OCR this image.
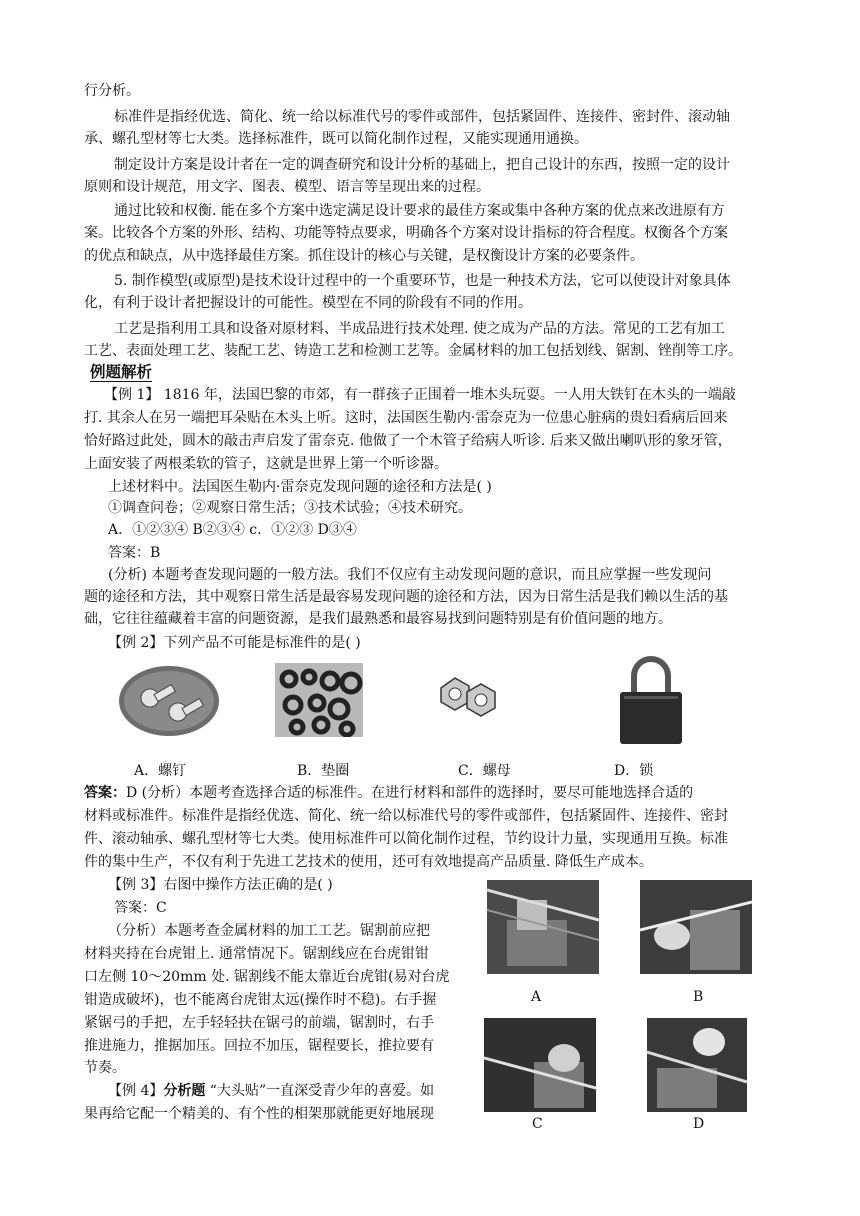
行分析。
标准件是指经优选、简化、统一给以标准代号的零件或部件，包括紧固件、连接件、密封件、滚动轴
承、螺孔型材等七大类。选择标准件，既可以简化制作过程，又能实现通用通换。
制定设计方案是设计者在一定的调查研究和设计分析的基础上，把自己设计的东西，按照一定的设计
原则和设计规范，用文字、图表、模型、语言等呈现出来的过程。
通过比较和权衡. 能在多个方案中选定满足设计要求的最佳方案或集中各种方案的优点来改进原有方
案。比较各个方案的外形、结构、功能等特点要求，明确各个方案对设计指标的符合程度。权衡各个方案
的优点和缺点，从中选择最佳方案。抓住设计的核心与关键，是权衡设计方案的必要条件。
5. 制作模型(或原型)是技术设计过程中的一个重要环节，也是一种技术方法，它可以使设计对象具体
化，有利于设计者把握设计的可能性。模型在不同的阶段有不同的作用。
工艺是指利用工具和设备对原材料、半成品进行技术处理. 使之成为产品的方法。常见的工艺有加工
工艺、表面处理工艺、装配工艺、铸造工艺和检测工艺等。金属材料的加工包括划线、锯割、锉削等工序。
例题解析
【例 1】 1816 年，法国巴黎的市郊，有一群孩子正围着一堆木头玩耍。一人用大铁钉在木头的一端敲
打. 其余人在另一端把耳朵贴在木头上听。这时，法国医生勒内·雷奈克为一位患心脏病的贵妇看病后回来
恰好路过此处，圆木的敲击声启发了雷奈克. 他做了一个木管子给病人听诊. 后来又做出喇叭形的象牙管，
上面安装了两根柔软的管子，这就是世界上第一个听诊器。
上述材料中。法国医生勒内·雷奈克发现问题的途径和方法是( )
①调查问卷；②观察日常生活；③技术试验；④技术研究。
A．①②③④ B②③④ c．①②③ D③④
答案：B
(分析) 本题考查发现问题的一般方法。我们不仅应有主动发现问题的意识，而且应掌握一些发现问
题的途径和方法，其中观察日常生活是最容易发现问题的途径和方法，因为日常生活是我们赖以生活的基
础，它往往蕴藏着丰富的问题资源，是我们最熟悉和最容易找到问题特别是有价值问题的地方。
【例 2】下列产品不可能是标准件的是( )
A．螺钉	B．垫圈	C．螺母	D．锁
答案：D (分析）本题考查选择合适的标准件。在进行材料和部件的选择时，要尽可能地选择合适的
材料或标准件。标准件是指经优选、简化、统一给以标准代号的零件或部件，包括紧固件、连接件、密封
件、滚动轴承、螺孔型材等七大类。使用标准件可以简化制作过程，节约设计力量，实现通用互换。标准
件的集中生产，不仅有利于先进工艺技术的使用，还可有效地提高产品质量. 降低生产成本。
【例 3】右图中操作方法正确的是( )
答案：C
（分析）本题考查金属材料的加工工艺。锯割前应把
材料夹持在台虎钳上. 通常情况下。锯割线应在台虎钳钳
口左侧 10～20mm 处. 锯割线不能太靠近台虎钳(易对台虎
钳造成破坏)，也不能离台虎钳太远(操作时不稳)。右手握
紧锯弓的手把，左手轻轻扶在锯弓的前端，锯割时，右手
推进施力，推据加压。回拉不加压，锯程要长，推拉要有
节奏。
A	B
C	D
【例 4】分析题 “大头贴”一直深受青少年的喜爱。如
果再给它配一个精美的、有个性的相架那就能更好地展现
